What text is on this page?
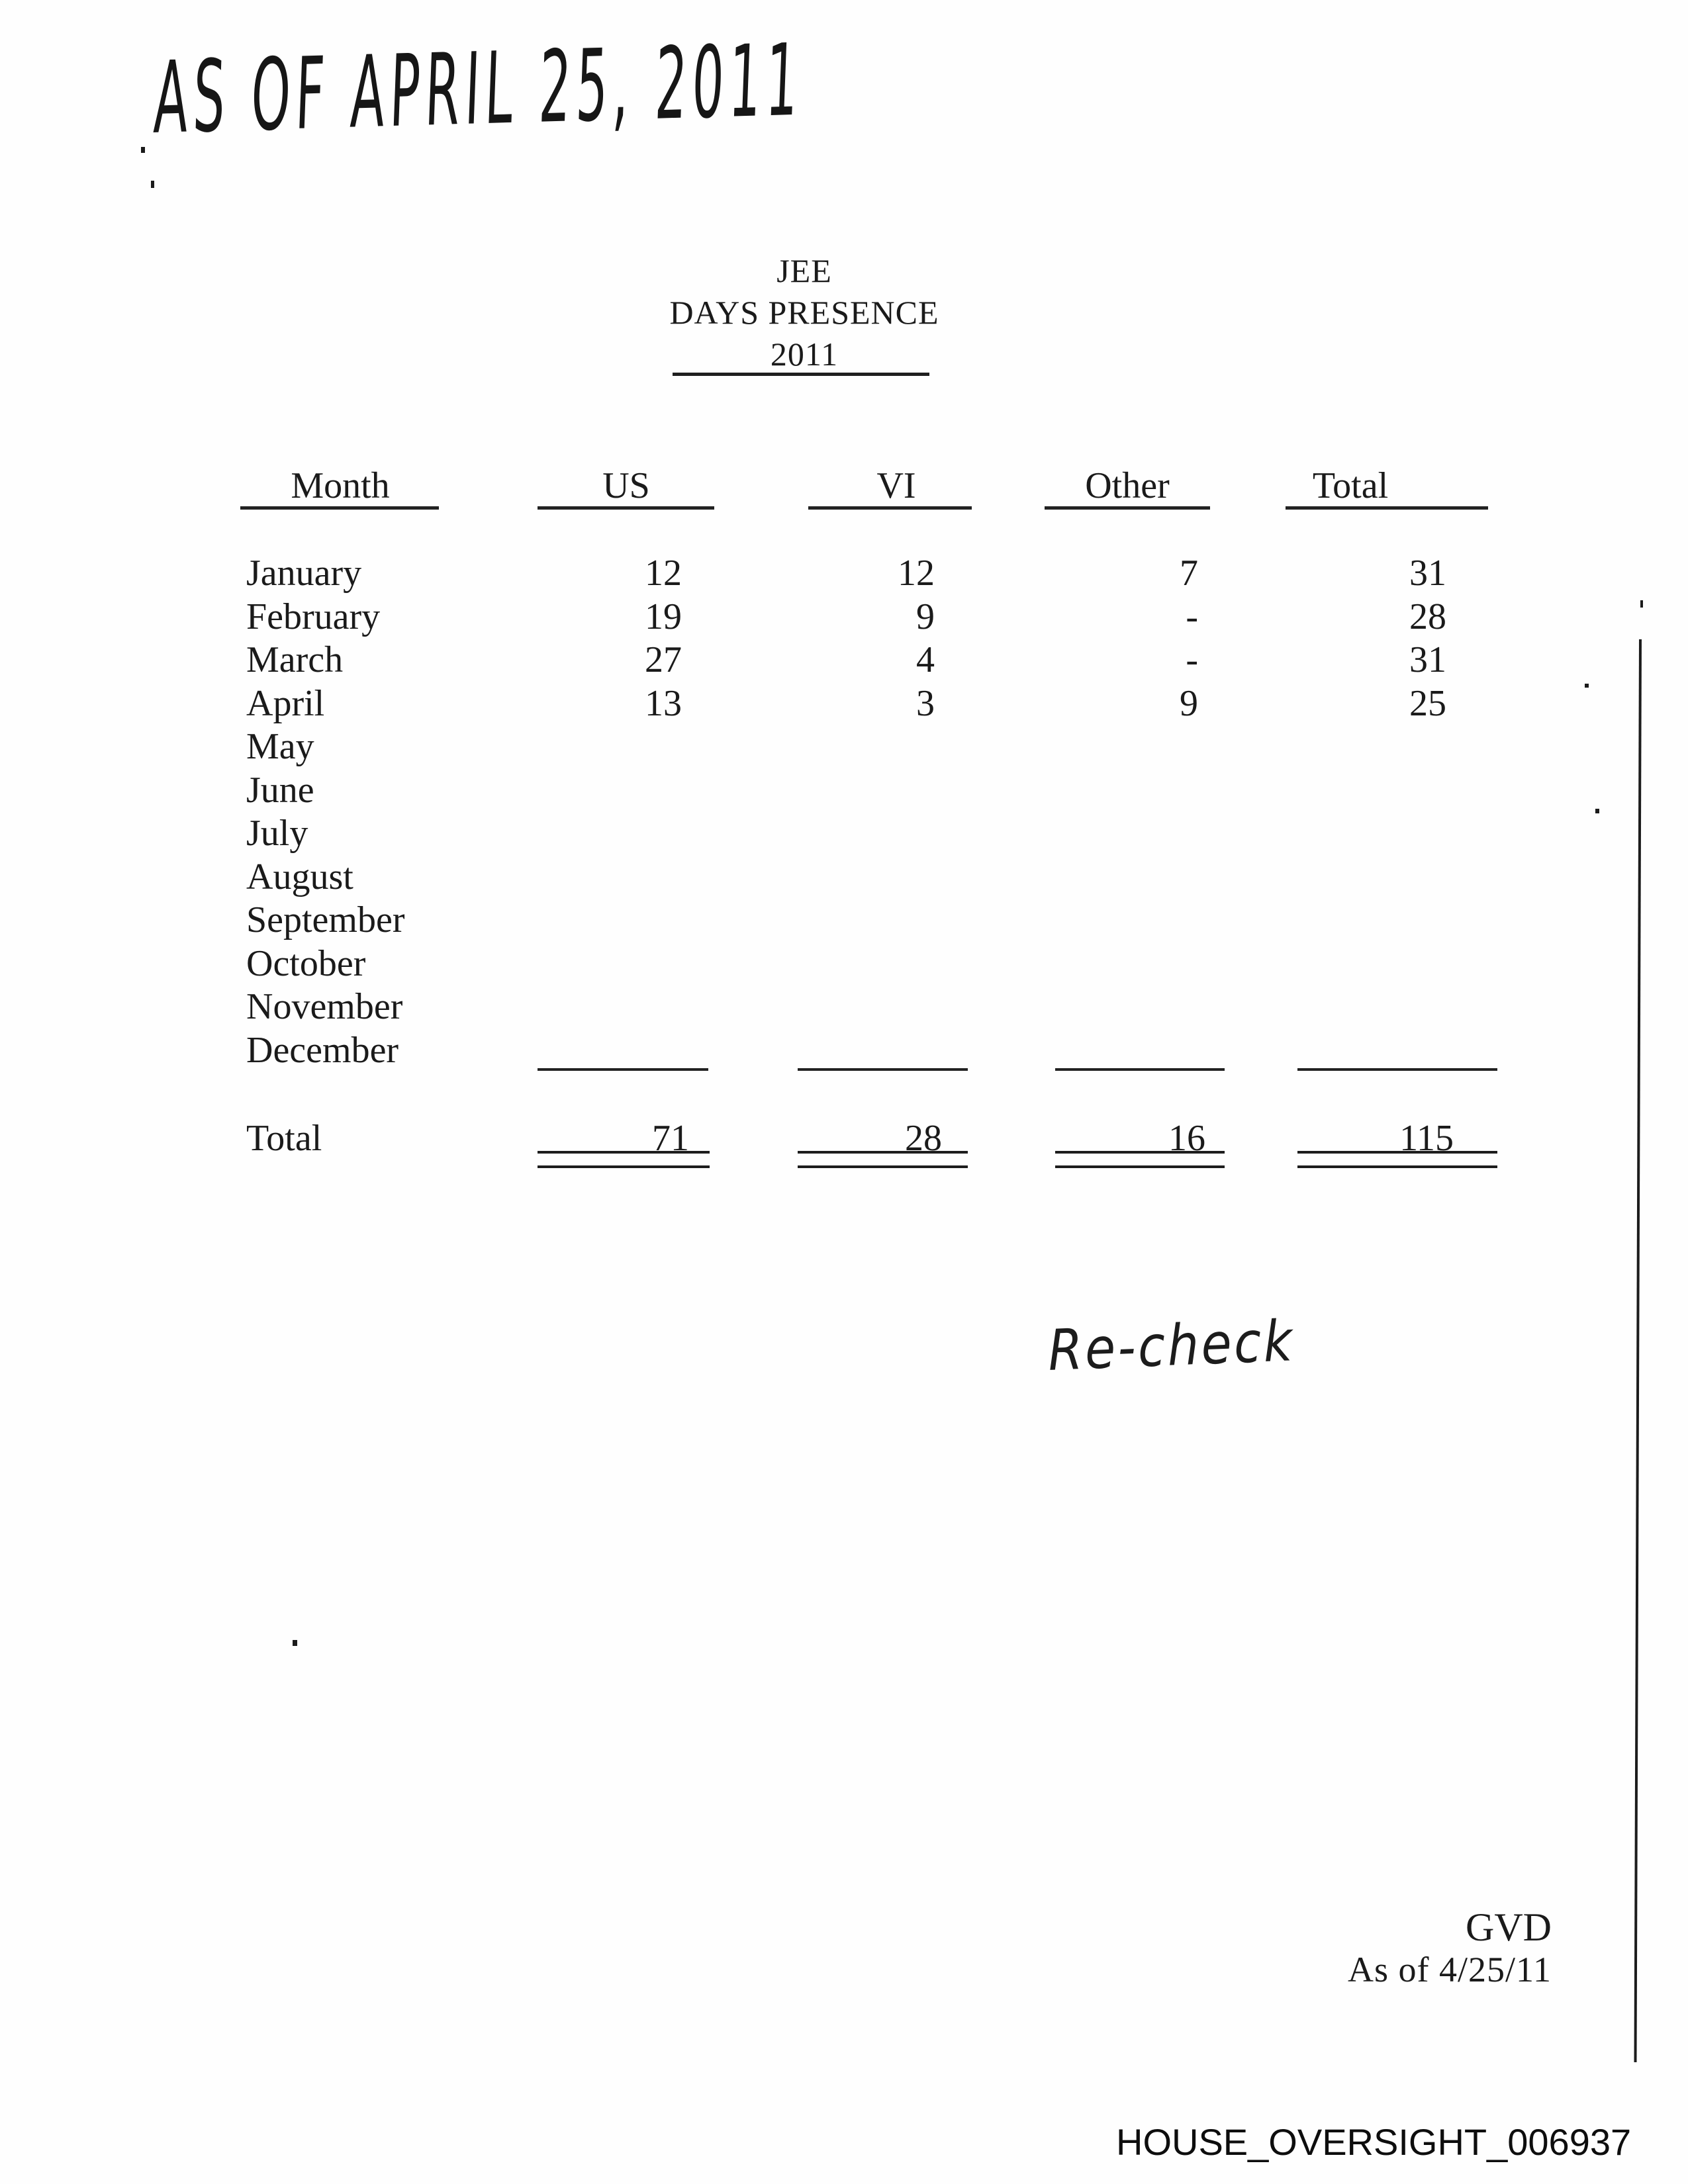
AS OF APRIL 25, 2011
JEE
DAYS PRESENCE
2011
Month	US	VI	Other	Total
January	12	12	7	31
February	19	9	-	28
March	27	4	-	31
April	13	3	9	25
May
June
July
August
September
October
November
December
Total	71	28	16	115
Re-check
GVD
As of 4/25/11
HOUSE_OVERSIGHT_006937
